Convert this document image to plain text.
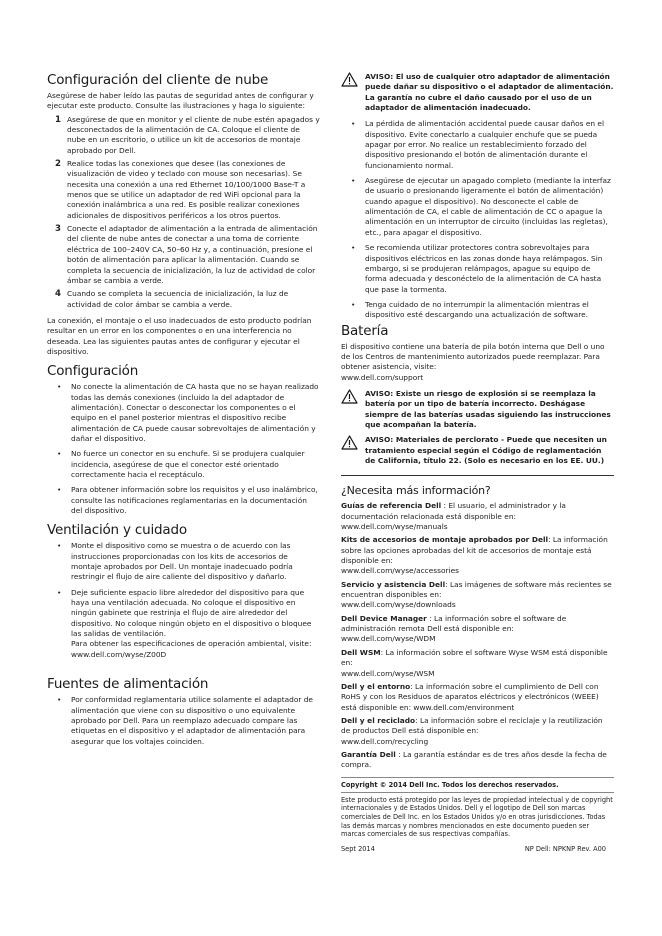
Configuración del cliente de nube

Asegúrese de haber leído las pautas de seguridad antes de configurar y ejecutar este producto. Consulte las ilustraciones y haga lo siguiente:

1 Asegúrese de que en monitor y el cliente de nube estén apagados y desconectados de la alimentación de CA. Coloque el cliente de nube en un escritorio, o utilice un kit de accesorios de montaje aprobado por Dell.
2 Realice todas las conexiones que desee (las conexiones de visualización de video y teclado con mouse son necesarias). Se necesita una conexión a una red Ethernet 10/100/1000 Base-T a menos que se utilice un adaptador de red WiFi opcional para la conexión inalámbrica a una red. Es posible realizar conexiones adicionales de dispositivos periféricos a los otros puertos.
3 Conecte el adaptador de alimentación a la entrada de alimentación del cliente de nube antes de conectar a una toma de corriente eléctrica de 100–240V CA, 50–60 Hz y, a continuación, presione el botón de alimentación para aplicar la alimentación. Cuando se completa la secuencia de inicialización, la luz de actividad de color ámbar se cambia a verde.
4 Cuando se completa la secuencia de inicialización, la luz de actividad de color ámbar se cambia a verde.

La conexión, el montaje o el uso inadecuados de esto producto podrían resultar en un error en los componentes o en una interferencia no deseada. Lea las siguientes pautas antes de configurar y ejecutar el dispositivo.

Configuración
•	No conecte la alimentación de CA hasta que no se hayan realizado todas las demás conexiones (incluido la del adaptador de alimentación). Conectar o desconectar los componentes o el equipo en el panel posterior mientras el dispositivo recibe alimentación de CA puede causar sobrevoltajes de alimentación y dañar el dispositivo.
•	No fuerce un conector en su enchufe. Si se produjera cualquier incidencia, asegúrese de que el conector esté orientado correctamente hacia el receptáculo.
•	Para obtener información sobre los requisitos y el uso inalámbrico, consulte las notificaciones reglamentarias en la documentación del dispositivo.
Ventilación y cuidado
•	Monte el dispositivo como se muestra o de acuerdo con las instrucciones proporcionadas con los kits de accesorios de montaje aprobados por Dell. Un montaje inadecuado podría restringir el flujo de aire caliente del dispositivo y dañarlo.
•	Deje suficiente espacio libre alrededor del dispositivo para que haya una ventilación adecuada. No coloque el dispositivo en ningún gabinete que restrinja el flujo de aire alrededor del dispositivo. No coloque ningún objeto en el dispositivo o bloquee las salidas de ventilación.
Para obtener las especificaciones de operación ambiental, visite:
www.dell.com/wyse/Z00D
Fuentes de alimentación
•	Por conformidad reglamentaria utilice solamente el adaptador de alimentación que viene con su dispositivo o uno equivalente aprobado por Dell. Para un reemplazo adecuado compare las etiquetas en el dispositivo y el adaptador de alimentación para asegurar que los voltajes coinciden.
AVISO: El uso de cualquier otro adaptador de alimentación puede dañar su dispositivo o el adaptador de alimentación. La garantía no cubre el daño causado por el uso de un adaptador de alimentación inadecuado.
•	La pérdida de alimentación accidental puede causar daños en el dispositivo. Evite conectarlo a cualquier enchufe que se pueda apagar por error. No realice un restablecimiento forzado del dispositivo presionando el botón de alimentación durante el funcionamiento normal.
•	Asegúrese de ejecutar un apagado completo (mediante la interfaz de usuario o presionando ligeramente el botón de alimentación) cuando apague el dispositivo). No desconecte el cable de alimentación de CA, el cable de alimentación de CC o apague la alimentación en un interruptor de circuito (incluidas las regletas), etc., para apagar el dispositivo.
•	Se recomienda utilizar protectores contra sobrevoltajes para dispositivos eléctricos en las zonas donde haya relámpagos. Sin embargo, si se produjeran relámpagos, apague su equipo de forma adecuada y desconéctelo de la alimentación de CA hasta que pase la tormenta.
•	Tenga cuidado de no interrumpir la alimentación mientras el dispositivo esté descargando una actualización de software.
Batería

El dispositivo contiene una batería de pila botón interna que Dell o uno de los Centros de mantenimiento autorizados puede reemplazar. Para obtener asistencia, visite:

www.dell.com/support

AVISO: Existe un riesgo de explosión si se reemplaza la batería por un tipo de batería incorrecto. Deshágase siempre de las baterías usadas siguiendo las instrucciones que acompañan la batería.
AVISO: Materiales de perclorato - Puede que necesiten un tratamiento especial según el Código de reglamentación de California, título 22. (Solo es necesario en los EE. UU.)
¿Necesita más información?
Guías de referencia Dell : El usuario, el administrador y la documentación relacionada está disponible en:
www.dell.com/wyse/manuals
Kits de accesorios de montaje aprobados por Dell: La información sobre las opciones aprobadas del kit de accesorios de montaje está disponible en:
www.dell.com/wyse/accessories
Servicio y asistencia Dell: Las imágenes de software más recientes se encuentran disponibles en:
www.dell.com/wyse/downloads
Dell Device Manager : La información sobre el software de administración remota Dell está disponible en:
www.dell.com/wyse/WDM
Dell WSM: La información sobre el software Wyse WSM está disponible en:
www.dell.com/wyse/WSM
Dell y el entorno: La información sobre el cumplimiento de Dell con RoHS y con los Residuos de aparatos eléctricos y electrónicos (WEEE) está disponible en: www.dell.com/environment
Dell y el reciclado: La información sobre el reciclaje y la reutilización de productos Dell está disponible en:
www.dell.com/recycling
Garantía Dell : La garantía estándar es de tres años desde la fecha de compra.
Copyright © 2014 Dell Inc. Todos los derechos reservados.

Este producto está protegido por las leyes de propiedad intelectual y de copyright internacionales y de Estados Unidos. Dell y el logotipo de Dell son marcas comerciales de Dell Inc. en los Estados Unidos y/o en otras jurisdicciones. Todas las demás marcas y nombres mencionados en este documento pueden ser marcas comerciales de sus respectivas compañías.

Sept 2014	NP Dell: NPKNP Rev. A00
